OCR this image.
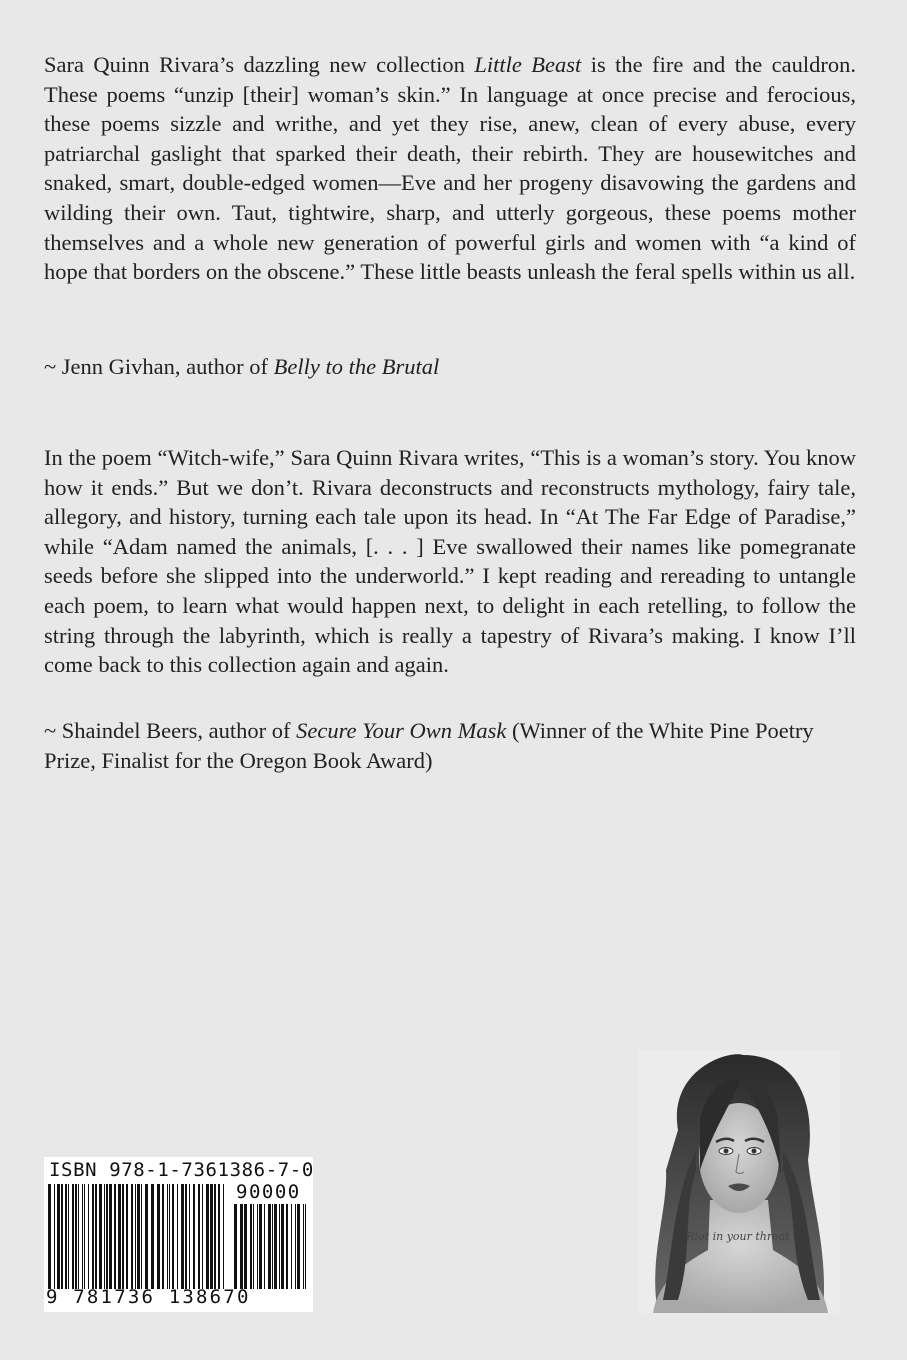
Sara Quinn Rivara’s dazzling new collection Little Beast is the fire and the cauldron. These poems “unzip [their] woman’s skin.” In language at once precise and ferocious, these poems sizzle and writhe, and yet they rise, anew, clean of every abuse, every patriarchal gaslight that sparked their death, their rebirth. They are housewitches and snaked, smart, double-edged women—Eve and her progeny disavowing the gardens and wilding their own. Taut, tightwire, sharp, and utterly gorgeous, these poems mother themselves and a whole new generation of powerful girls and women with “a kind of hope that borders on the obscene.” These little beasts unleash the feral spells within us all.

~ Jenn Givhan, author of Belly to the Brutal

In the poem “Witch-wife,” Sara Quinn Rivara writes, “This is a woman’s story. You know how it ends.” But we don’t. Rivara deconstructs and reconstructs mythology, fairy tale, allegory, and history, turning each tale upon its head. In “At The Far Edge of Paradise,” while “Adam named the animals, [. . . ] Eve swallowed their names like pomegranate seeds before she slipped into the underworld.” I kept reading and rereading to untangle each poem, to learn what would happen next, to delight in each retelling, to follow the string through the labyrinth, which is really a tapestry of Rivara’s making. I know I’ll come back to this collection again and again.

~ Shaindel Beers, author of Secure Your Own Mask (Winner of the White Pine Poetry Prize, Finalist for the Oregon Book Award)

ISBN 978-1-7361386-7-0
90000
9 781736 138670
Riot in your throat
